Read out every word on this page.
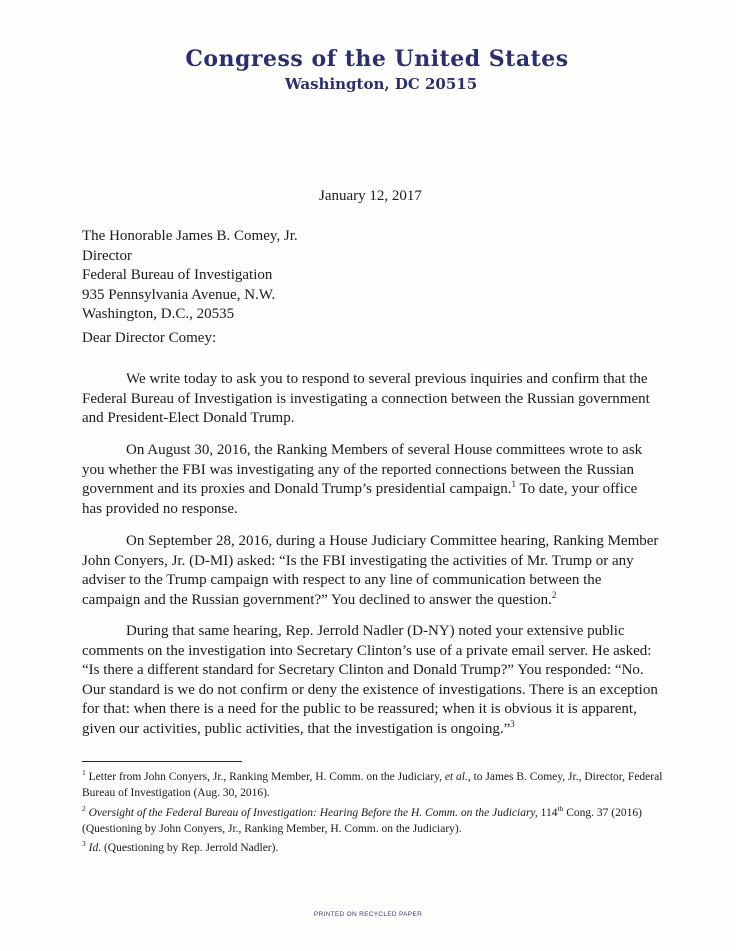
Congress of the United States
Washington, DC 20515
January 12, 2017
The Honorable James B. Comey, Jr.
Director
Federal Bureau of Investigation
935 Pennsylvania Avenue, N.W.
Washington, D.C., 20535
Dear Director Comey:
We write today to ask you to respond to several previous inquiries and confirm that the Federal Bureau of Investigation is investigating a connection between the Russian government and President-Elect Donald Trump.
On August 30, 2016, the Ranking Members of several House committees wrote to ask you whether the FBI was investigating any of the reported connections between the Russian government and its proxies and Donald Trump’s presidential campaign.$^1$ To date, your office has provided no response.
On September 28, 2016, during a House Judiciary Committee hearing, Ranking Member John Conyers, Jr. (D-MI) asked: “Is the FBI investigating the activities of Mr. Trump or any adviser to the Trump campaign with respect to any line of communication between the campaign and the Russian government?” You declined to answer the question.$^2$
During that same hearing, Rep. Jerrold Nadler (D-NY) noted your extensive public comments on the investigation into Secretary Clinton’s use of a private email server. He asked: “Is there a different standard for Secretary Clinton and Donald Trump?” You responded: “No. Our standard is we do not confirm or deny the existence of investigations. There is an exception for that: when there is a need for the public to be reassured; when it is obvious it is apparent, given our activities, public activities, that the investigation is ongoing.”$^3$
$^1$ Letter from John Conyers, Jr., Ranking Member, H. Comm. on the Judiciary, et al., to James B. Comey, Jr., Director, Federal Bureau of Investigation (Aug. 30, 2016).
$^2$ Oversight of the Federal Bureau of Investigation: Hearing Before the H. Comm. on the Judiciary, 114th Cong. 37 (2016) (Questioning by John Conyers, Jr., Ranking Member, H. Comm. on the Judiciary).
$^3$ Id. (Questioning by Rep. Jerrold Nadler).
PRINTED ON RECYCLED PAPER
